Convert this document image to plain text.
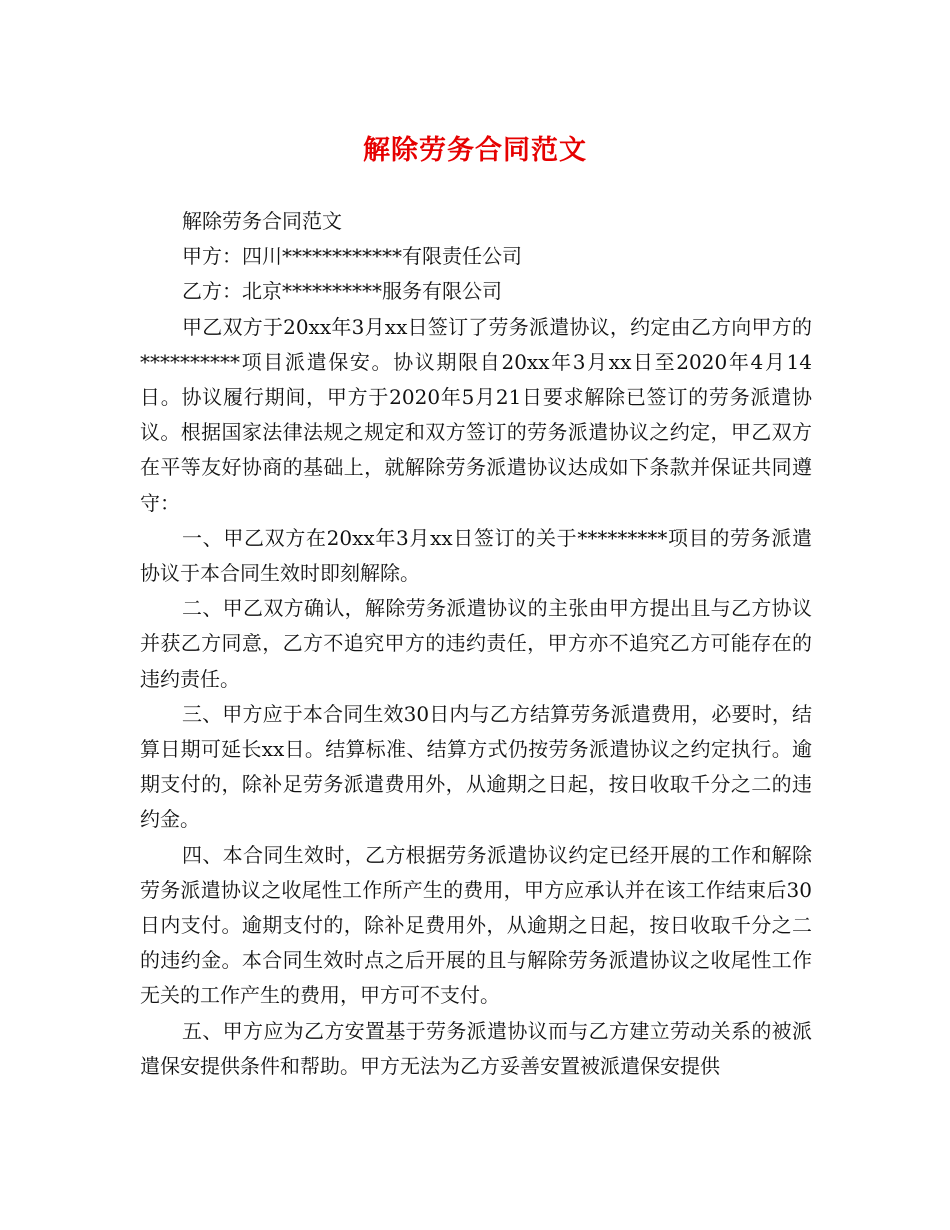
解除劳务合同范文

解除劳务合同范文

甲方：四川************有限责任公司

乙方：北京**********服务有限公司

甲乙双方于20xx年3月xx日签订了劳务派遣协议，约定由乙方向甲方的**********项目派遣保安。协议期限自20xx年3月xx日至2020年4月14日。协议履行期间，甲方于2020年5月21日要求解除已签订的劳务派遣协议。根据国家法律法规之规定和双方签订的劳务派遣协议之约定，甲乙双方在平等友好协商的基础上，就解除劳务派遣协议达成如下条款并保证共同遵守：

一、甲乙双方在20xx年3月xx日签订的关于*********项目的劳务派遣协议于本合同生效时即刻解除。

二、甲乙双方确认，解除劳务派遣协议的主张由甲方提出且与乙方协议并获乙方同意，乙方不追究甲方的违约责任，甲方亦不追究乙方可能存在的违约责任。

三、甲方应于本合同生效30日内与乙方结算劳务派遣费用，必要时，结算日期可延长xx日。结算标准、结算方式仍按劳务派遣协议之约定执行。逾期支付的，除补足劳务派遣费用外，从逾期之日起，按日收取千分之二的违约金。

四、本合同生效时，乙方根据劳务派遣协议约定已经开展的工作和解除劳务派遣协议之收尾性工作所产生的费用，甲方应承认并在该工作结束后30日内支付。逾期支付的，除补足费用外，从逾期之日起，按日收取千分之二的违约金。本合同生效时点之后开展的且与解除劳务派遣协议之收尾性工作无关的工作产生的费用，甲方可不支付。

五、甲方应为乙方安置基于劳务派遣协议而与乙方建立劳动关系的被派遣保安提供条件和帮助。甲方无法为乙方妥善安置被派遣保安提供
